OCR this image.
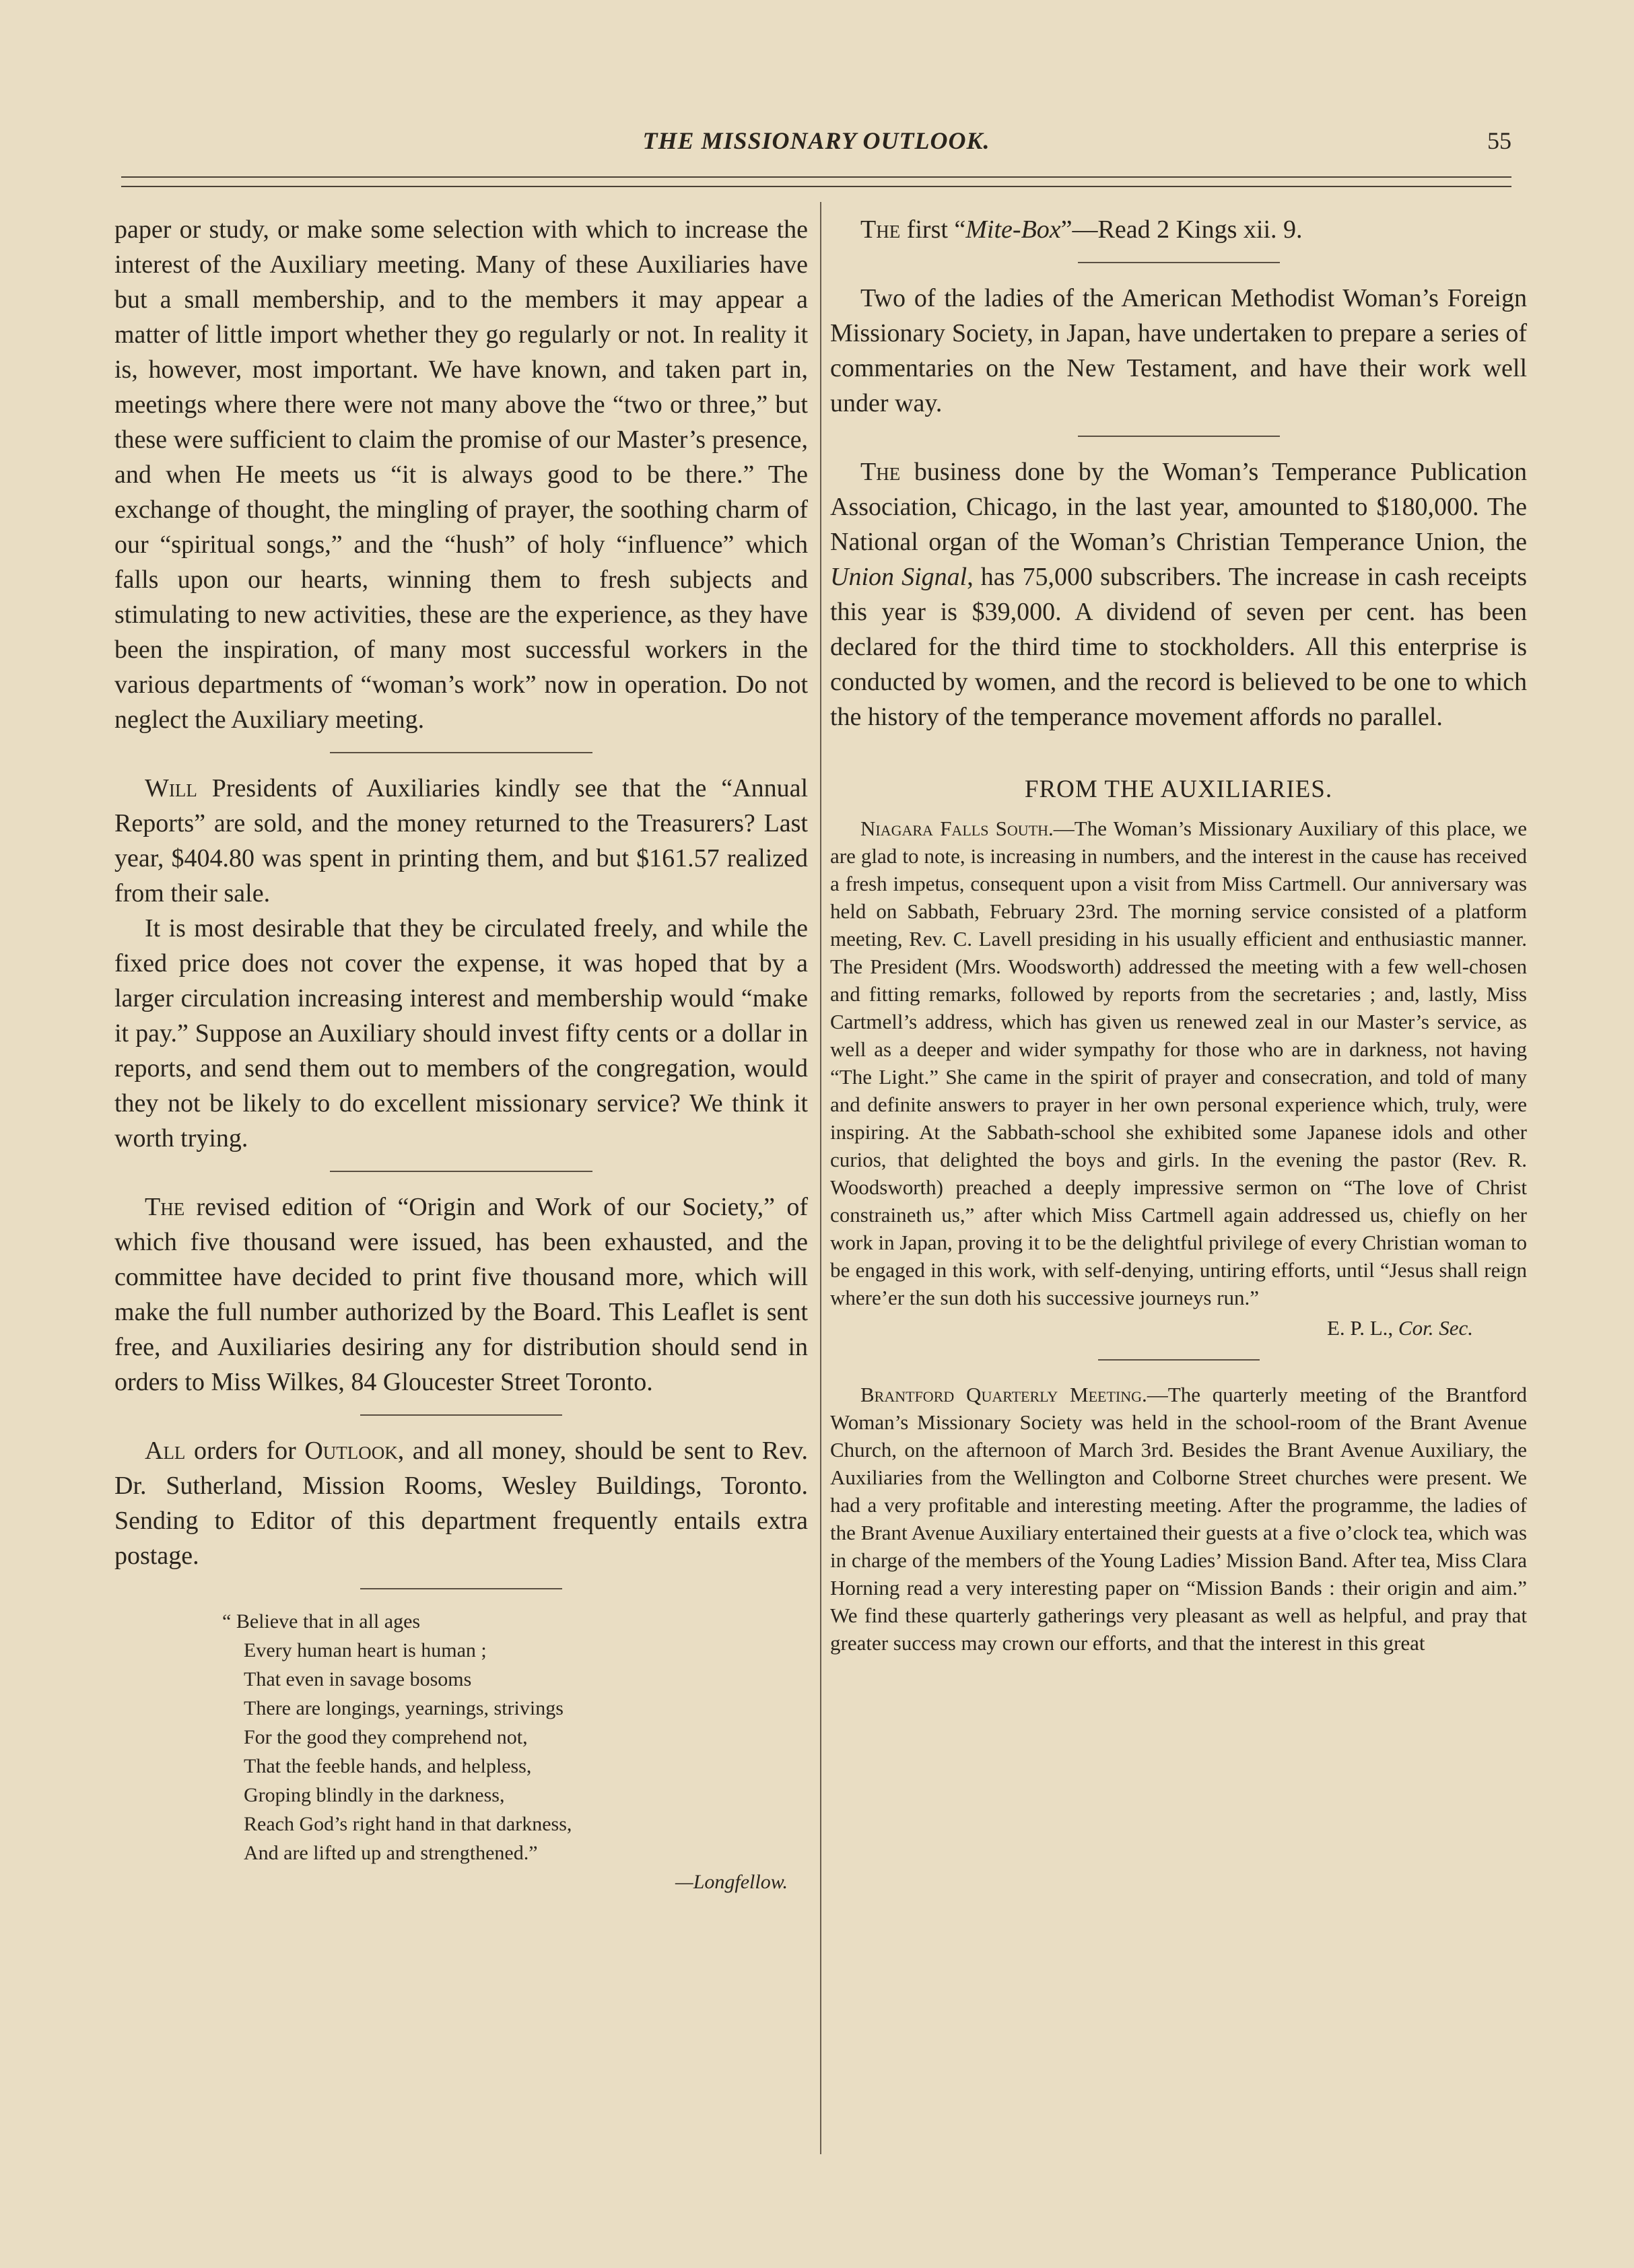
THE MISSIONARY OUTLOOK.	55

paper or study, or make some selection with which to increase the interest of the Auxiliary meeting. Many of these Auxiliaries have but a small membership, and to the members it may appear a matter of little import whether they go regularly or not. In reality it is, however, most important. We have known, and taken part in, meetings where there were not many above the “two or three,” but these were sufficient to claim the promise of our Master’s presence, and when He meets us “it is always good to be there.” The exchange of thought, the mingling of prayer, the soothing charm of our “spiritual songs,” and the “hush” of holy “influence” which falls upon our hearts, winning them to fresh subjects and stimulating to new activities, these are the experience, as they have been the inspiration, of many most successful workers in the various departments of “woman’s work” now in operation. Do not neglect the Auxiliary meeting.

Will Presidents of Auxiliaries kindly see that the “Annual Reports” are sold, and the money returned to the Treasurers? Last year, $404.80 was spent in printing them, and but $161.57 realized from their sale.

It is most desirable that they be circulated freely, and while the fixed price does not cover the expense, it was hoped that by a larger circulation increasing interest and membership would “make it pay.” Suppose an Auxiliary should invest fifty cents or a dollar in reports, and send them out to members of the congregation, would they not be likely to do excellent missionary service? We think it worth trying.

The revised edition of “Origin and Work of our Society,” of which five thousand were issued, has been exhausted, and the committee have decided to print five thousand more, which will make the full number authorized by the Board. This Leaflet is sent free, and Auxiliaries desiring any for distribution should send in orders to Miss Wilkes, 84 Gloucester Street Toronto.

All orders for Outlook, and all money, should be sent to Rev. Dr. Sutherland, Mission Rooms, Wesley Buildings, Toronto. Sending to Editor of this department frequently entails extra postage.

“ Believe that in all ages
Every human heart is human ;
That even in savage bosoms
There are longings, yearnings, strivings
For the good they comprehend not,
That the feeble hands, and helpless,
Groping blindly in the darkness,
Reach God’s right hand in that darkness,
And are lifted up and strengthened.”
—Longfellow.

The first “Mite-Box”—Read 2 Kings xii. 9.

Two of the ladies of the American Methodist Woman’s Foreign Missionary Society, in Japan, have undertaken to prepare a series of commentaries on the New Testament, and have their work well under way.

The business done by the Woman’s Temperance Publication Association, Chicago, in the last year, amounted to $180,000. The National organ of the Woman’s Christian Temperance Union, the Union Signal, has 75,000 subscribers. The increase in cash receipts this year is $39,000. A dividend of seven per cent. has been declared for the third time to stockholders. All this enterprise is conducted by women, and the record is believed to be one to which the history of the temperance movement affords no parallel.

FROM THE AUXILIARIES.

Niagara Falls South.—The Woman’s Missionary Auxiliary of this place, we are glad to note, is increasing in numbers, and the interest in the cause has received a fresh impetus, consequent upon a visit from Miss Cartmell. Our anniversary was held on Sabbath, February 23rd. The morning service consisted of a platform meeting, Rev. C. Lavell presiding in his usually efficient and enthusiastic manner. The President (Mrs. Woodsworth) addressed the meeting with a few well-chosen and fitting remarks, followed by reports from the secretaries ; and, lastly, Miss Cartmell’s address, which has given us renewed zeal in our Master’s service, as well as a deeper and wider sympathy for those who are in darkness, not having “The Light.” She came in the spirit of prayer and consecration, and told of many and definite answers to prayer in her own personal experience which, truly, were inspiring. At the Sabbath-school she exhibited some Japanese idols and other curios, that delighted the boys and girls. In the evening the pastor (Rev. R. Woodsworth) preached a deeply impressive sermon on “The love of Christ constraineth us,” after which Miss Cartmell again addressed us, chiefly on her work in Japan, proving it to be the delightful privilege of every Christian woman to be engaged in this work, with self-denying, untiring efforts, until “Jesus shall reign where’er the sun doth his successive journeys run.”

E. P. L., Cor. Sec.

Brantford Quarterly Meeting.—The quarterly meeting of the Brantford Woman’s Missionary Society was held in the school-room of the Brant Avenue Church, on the afternoon of March 3rd. Besides the Brant Avenue Auxiliary, the Auxiliaries from the Wellington and Colborne Street churches were present. We had a very profitable and interesting meeting. After the programme, the ladies of the Brant Avenue Auxiliary entertained their guests at a five o’clock tea, which was in charge of the members of the Young Ladies’ Mission Band. After tea, Miss Clara Horning read a very interesting paper on “Mission Bands : their origin and aim.” We find these quarterly gatherings very pleasant as well as helpful, and pray that greater success may crown our efforts, and that the interest in this great
